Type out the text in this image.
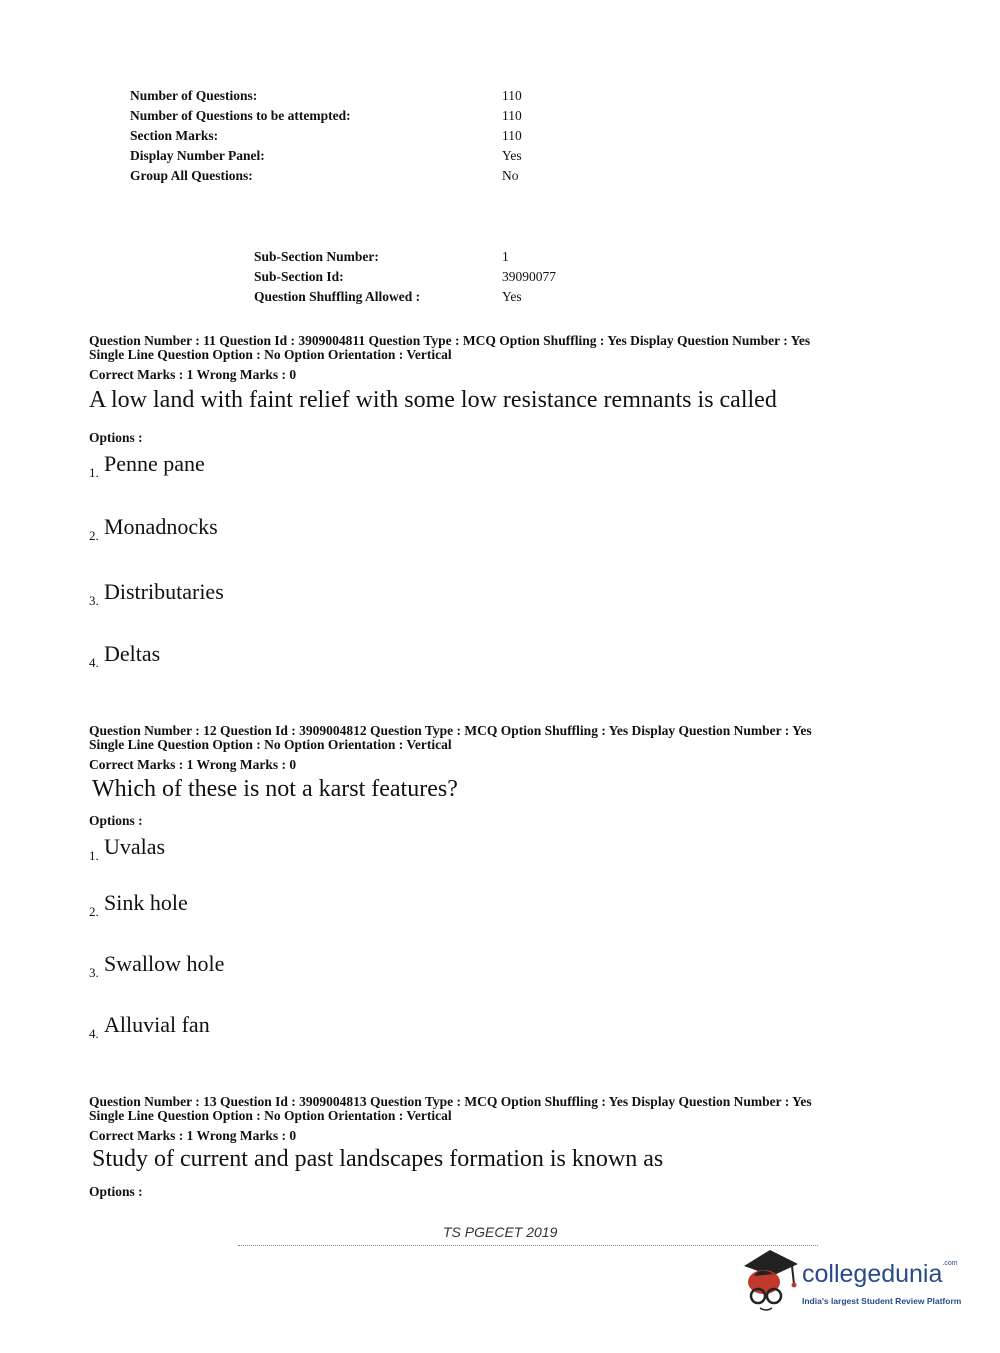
Number of Questions:	110
Number of Questions to be attempted:	110
Section Marks:	110
Display Number Panel:	Yes
Group All Questions:	No
Sub-Section Number:	1
Sub-Section Id:	39090077
Question Shuffling Allowed :	Yes
Question Number : 11 Question Id : 3909004811 Question Type : MCQ Option Shuffling : Yes Display Question Number : Yes
Single Line Question Option : No Option Orientation : Vertical
Correct Marks : 1 Wrong Marks : 0
A low land with faint relief with some low resistance remnants is called
Options :
1. Penne pane
2. Monadnocks
3. Distributaries
4. Deltas
Question Number : 12 Question Id : 3909004812 Question Type : MCQ Option Shuffling : Yes Display Question Number : Yes
Single Line Question Option : No Option Orientation : Vertical
Correct Marks : 1 Wrong Marks : 0
Which of these is not a karst features?
Options :
1. Uvalas
2. Sink hole
3. Swallow hole
4. Alluvial fan
Question Number : 13 Question Id : 3909004813 Question Type : MCQ Option Shuffling : Yes Display Question Number : Yes
Single Line Question Option : No Option Orientation : Vertical
Correct Marks : 1 Wrong Marks : 0
Study of current and past landscapes formation is known as
Options :
TS PGECET 2019
collegedunia$^{.com}$
India's largest Student Review Platform
